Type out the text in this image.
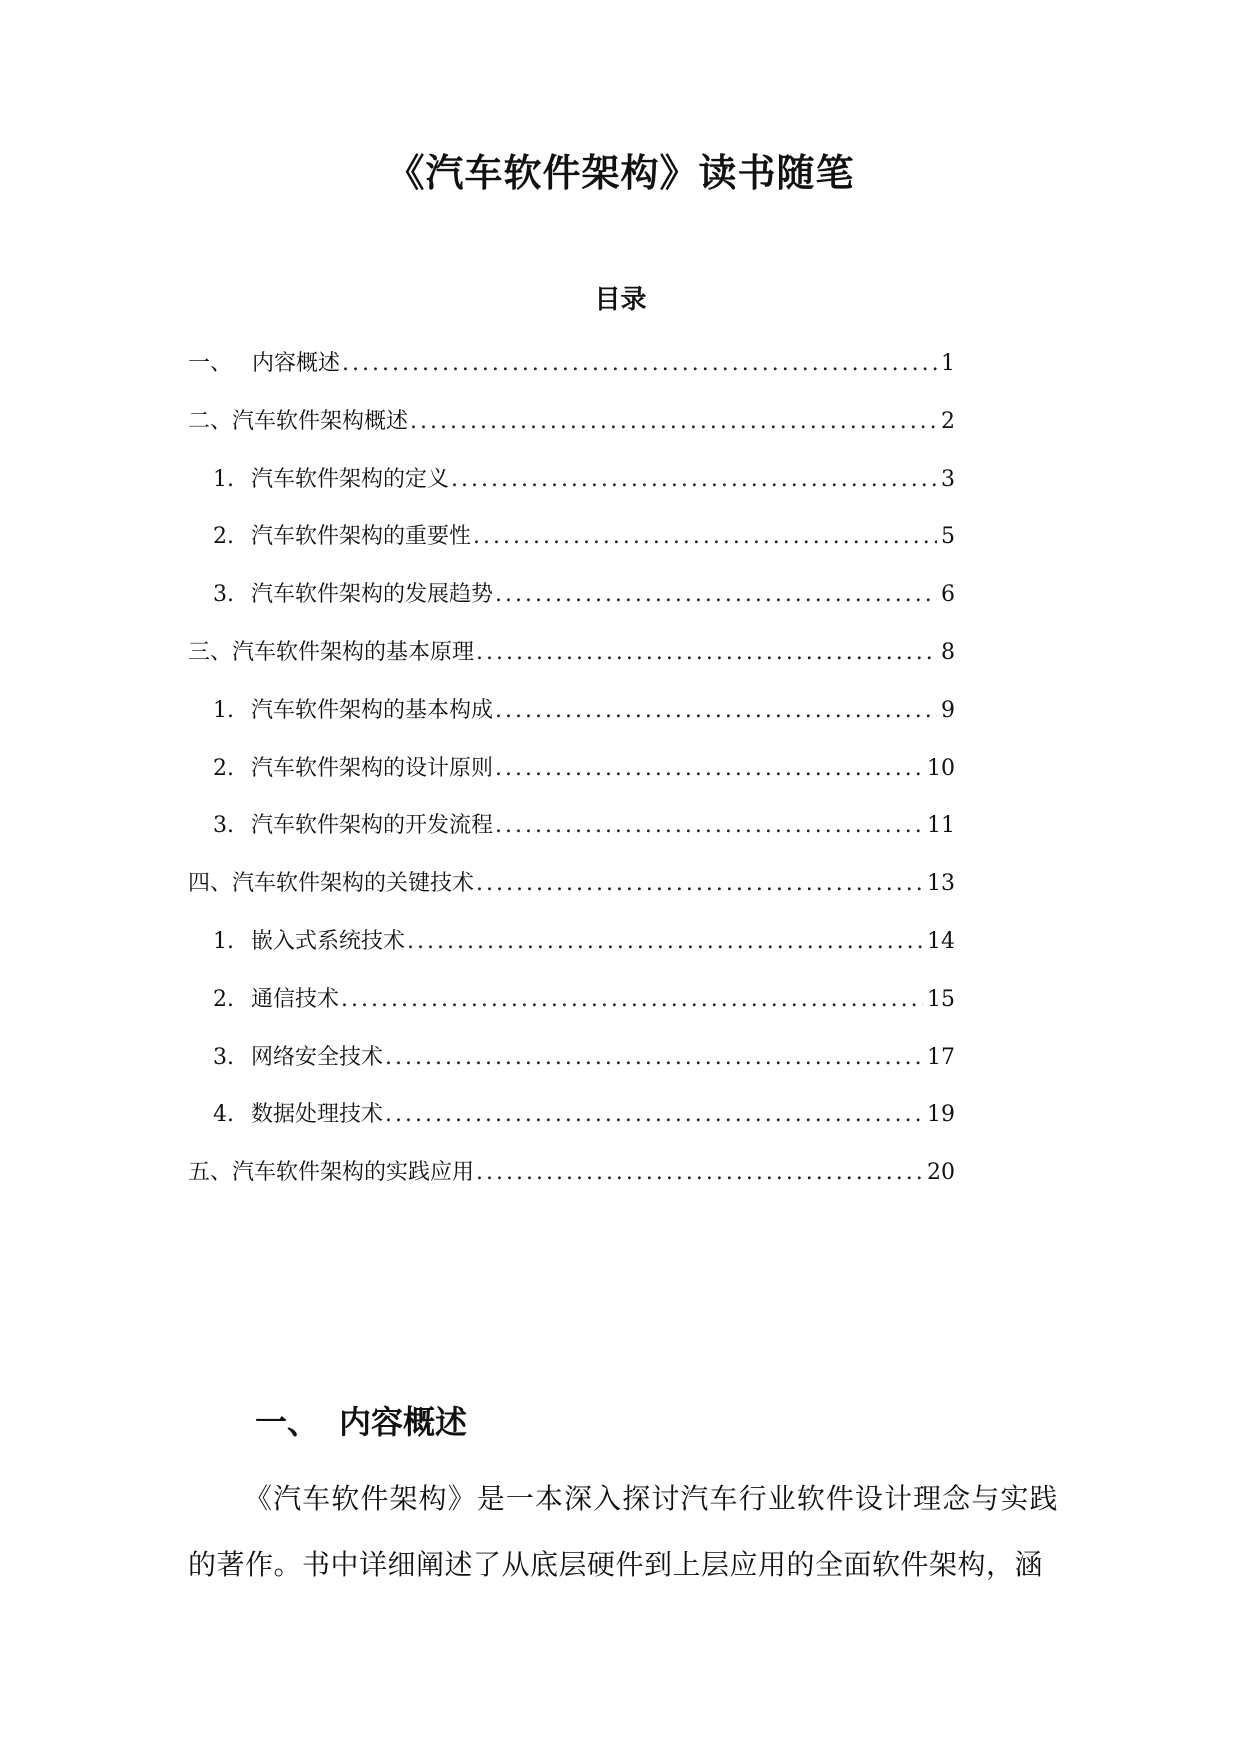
《汽车软件架构》读书随笔
目录
一、 内容概述 .....	1
二、 汽车软件架构概述 .....	2
1. 汽车软件架构的定义 .....	3
2. 汽车软件架构的重要性 .....	5
3. 汽车软件架构的发展趋势 .....	6
三、 汽车软件架构的基本原理 .....	8
1. 汽车软件架构的基本构成 .....	9
2. 汽车软件架构的设计原则 .....	10
3. 汽车软件架构的开发流程 .....	11
四、 汽车软件架构的关键技术 .....	13
1. 嵌入式系统技术 .....	14
2. 通信技术 .....	15
3. 网络安全技术 .....	17
4. 数据处理技术 .....	19
五、 汽车软件架构的实践应用 .....	20
一、 内容概述

《汽车软件架构》是一本深入探讨汽车行业软件设计理念与实践的著作。书中详细阐述了从底层硬件到上层应用的全面软件架构，涵
